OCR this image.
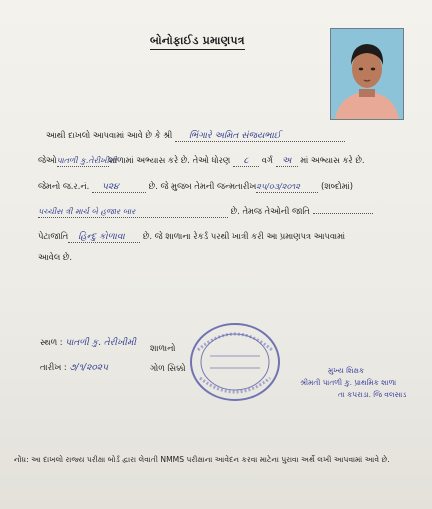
બોનોફાઈડ પ્રમાણપત્ર
આથી દાખલો આપવામાં આવે છે કે શ્રી ભિંગારે અમિત સંજયભાઈ
જેઓપાતળી કુ.તેરીખીમીશાળામાં અભ્યાસ કરે છે. તેઓ ધોરણ ૮ વર્ગ અ માં અભ્યાસ કરે છે.
જેમનો જ.ર.નં. ૫૨૪	છે. જે મુજબ તેમની જન્મતારીખ૨૫/૦૩/૨૦૧૨	(શબ્દોમાં)
પચ્ચીસ ત્રી માર્ચ બે હજાર બાર	છે. તેમજ તેઓની જાતિ
પેટાજાતિ હિન્દુ કોળાવા છે. જે શાળાના રેકર્ડ પરથી ખાત્રી કરી આ પ્રમાણપત્ર આપવામાં
આવેલ છે.
સ્થળ : પાતળી કુ. તેરીખીમી
તારીખ : ૭/૧/૨૦૨૫
શાળાનો
ગોળ સિક્કો	મુખ્ય શિક્ષક
શ્રીમતી પાતળી કુ. પ્રાથમિક શાળા
તા કપરાડા. જિ વલસાડ
નોંધ: આ દાખલો રાજ્ય પરીક્ષા બોર્ડ દ્વારા લેવાતી NMMS પરીક્ષાના આવેદન કરવા માટેના પુરાવા અર્થે લખી આપવામાં આવે છે.
